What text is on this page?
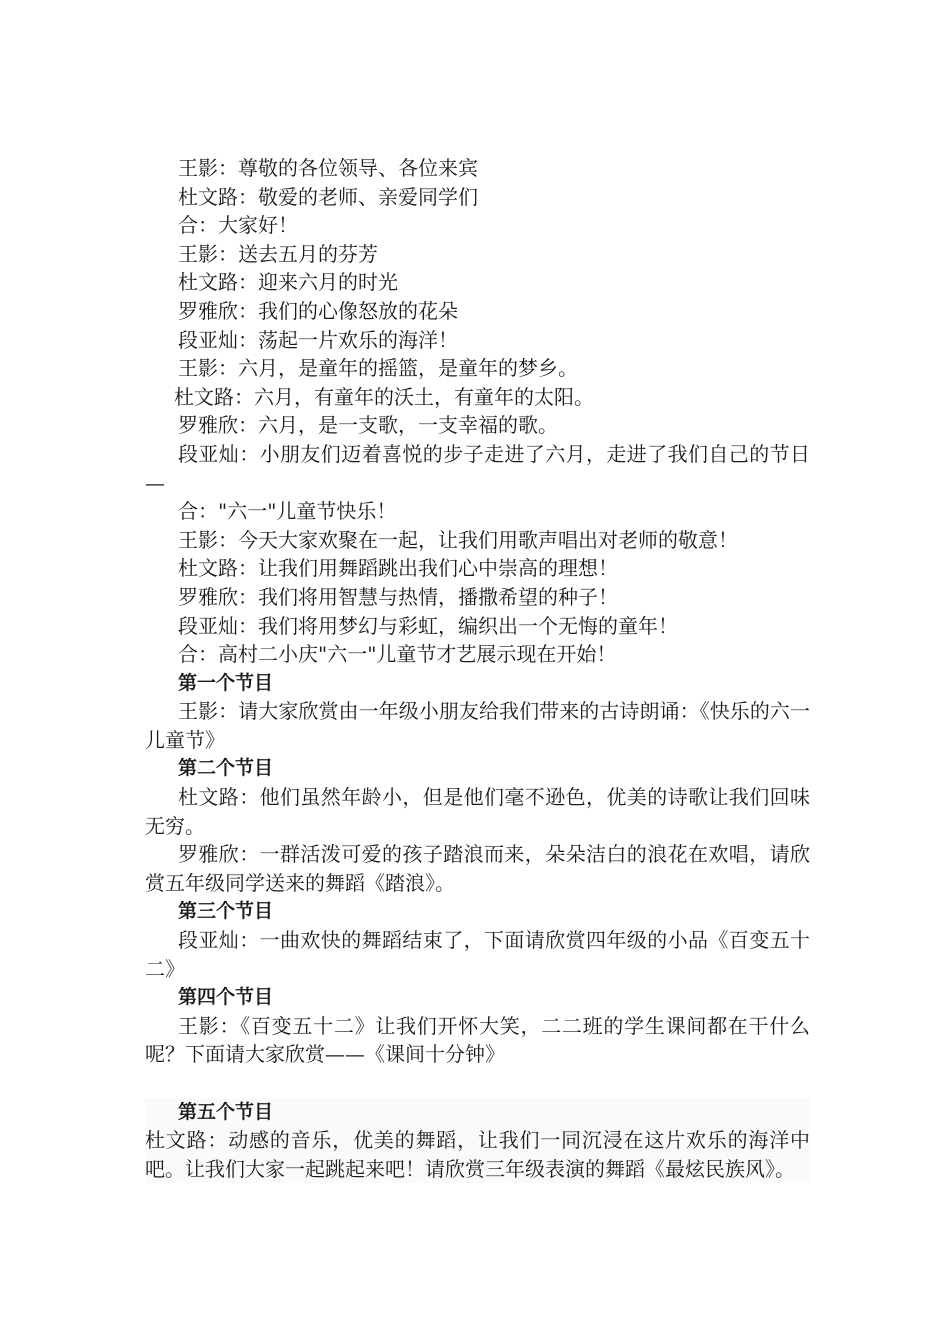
王影：尊敬的各位领导、各位来宾

杜文路：敬爱的老师、亲爱同学们

合：大家好！

王影：送去五月的芬芳

杜文路：迎来六月的时光

罗雅欣：我们的心像怒放的花朵

段亚灿：荡起一片欢乐的海洋！

王影：六月，是童年的摇篮，是童年的梦乡。

杜文路：六月，有童年的沃土，有童年的太阳。

罗雅欣：六月，是一支歌，一支幸福的歌。

段亚灿：小朋友们迈着喜悦的步子走进了六月，走进了我们自己的节日—

合："六一"儿童节快乐！

王影：今天大家欢聚在一起，让我们用歌声唱出对老师的敬意！

杜文路：让我们用舞蹈跳出我们心中崇高的理想！

罗雅欣：我们将用智慧与热情，播撒希望的种子！

段亚灿：我们将用梦幻与彩虹，编织出一个无悔的童年！

合：高村二小庆"六一"儿童节才艺展示现在开始！

第一个节目

王影：请大家欣赏由一年级小朋友给我们带来的古诗朗诵：《快乐的六一儿童节》

第二个节目

杜文路：他们虽然年龄小，但是他们毫不逊色，优美的诗歌让我们回味无穷。

罗雅欣：一群活泼可爱的孩子踏浪而来，朵朵洁白的浪花在欢唱，请欣赏五年级同学送来的舞蹈《踏浪》。

第三个节目

段亚灿：一曲欢快的舞蹈结束了，下面请欣赏四年级的小品《百变五十二》

第四个节目

王影：《百变五十二》让我们开怀大笑，二二班的学生课间都在干什么呢？下面请大家欣赏——《课间十分钟》

第五个节目

杜文路：动感的音乐，优美的舞蹈，让我们一同沉浸在这片欢乐的海洋中吧。让我们大家一起跳起来吧！请欣赏三年级表演的舞蹈《最炫民族风》。
